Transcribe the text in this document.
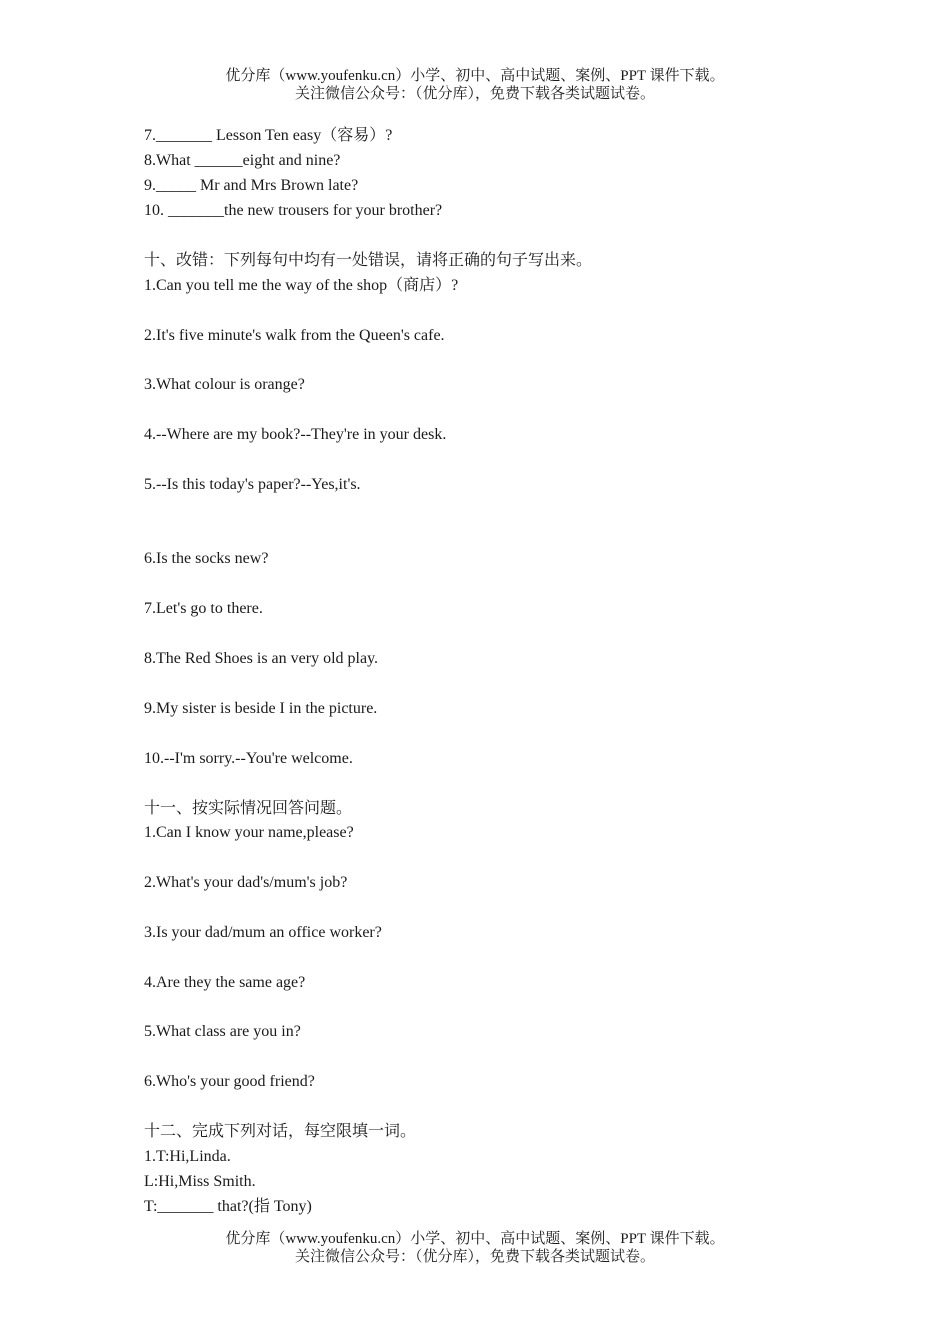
优分库（www.youfenku.cn）小学、初中、高中试题、案例、PPT 课件下载。
关注微信公众号：（优分库），免费下载各类试题试卷。
7._______ Lesson Ten easy（容易）?
8.What ______eight and nine?
9._____ Mr and Mrs Brown late?
10. _______the new trousers for your brother?
十、改错：下列每句中均有一处错误，请将正确的句子写出来。
1.Can you tell me the way of the shop（商店）?
2.It's five minute's walk from the Queen's cafe.
3.What colour is orange?
4.--Where are my book?--They're in your desk.
5.--Is this today's paper?--Yes,it's.
6.Is the socks new?
7.Let's go to there.
8.The Red Shoes is an very old play.
9.My sister is beside I in the picture.
10.--I'm sorry.--You're welcome.
十一、按实际情况回答问题。
1.Can I know your name,please?
2.What's your dad's/mum's job?
3.Is your dad/mum an office worker?
4.Are they the same age?
5.What class are you in?
6.Who's your good friend?
十二、完成下列对话，每空限填一词。
1.T:Hi,Linda.
L:Hi,Miss Smith.
T:_______ that?(指 Tony)
优分库（www.youfenku.cn）小学、初中、高中试题、案例、PPT 课件下载。
关注微信公众号：（优分库），免费下载各类试题试卷。
